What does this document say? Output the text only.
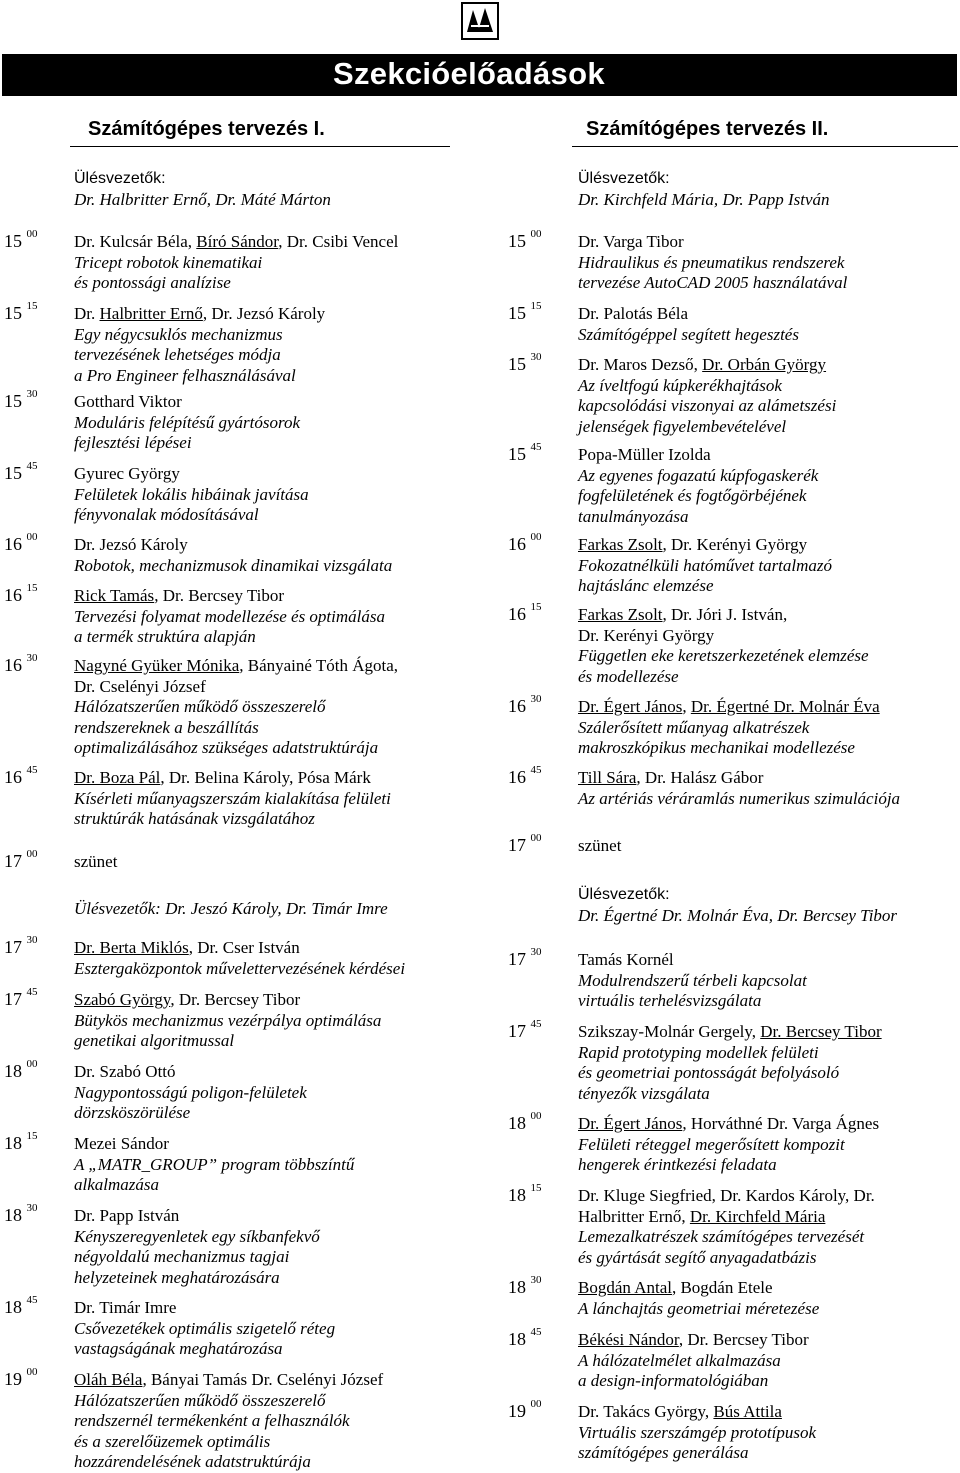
Szekcióelőadások
Számítógépes tervezés I.	Számítógépes tervezés II.
Ülésvezetők:
Dr. Halbritter Ernő, Dr. Máté Márton
Ülésvezetők:
Dr. Kirchfeld Mária, Dr. Papp István
Ülésvezetők: Dr. Jeszó Károly, Dr. Timár Imre
Ülésvezetők:
Dr. Égertné Dr. Molnár Éva, Dr. Bercsey Tibor
15 $^{00}$ Dr. Kulcsár Béla, Bíró Sándor, Dr. Csibi Vencel
Tricept robotok kinematikai
és pontossági analízise
15 $^{15}$ Dr. Halbritter Ernő, Dr. Jezsó Károly
Egy négycsuklós mechanizmus
tervezésének lehetséges módja
a Pro Engineer felhasználásával
15 $^{30}$ Gotthard Viktor
Moduláris felépítésű gyártósorok
fejlesztési lépései
15 $^{45}$ Gyurec György
Felületek lokális hibáinak javítása
fényvonalak módosításával
16 $^{00}$ Dr. Jezsó Károly
Robotok, mechanizmusok dinamikai vizsgálata
16 $^{15}$ Rick Tamás, Dr. Bercsey Tibor
Tervezési folyamat modellezése és optimálása
a termék struktúra alapján
16 $^{30}$ Nagyné Gyüker Mónika, Bányainé Tóth Ágota,
Dr. Cselényi József
Hálózatszerűen működő összeszerelő
rendszereknek a beszállítás
optimalizálásához szükséges adatstruktúrája
16 $^{45}$ Dr. Boza Pál, Dr. Belina Károly, Pósa Márk
Kísérleti műanyagszerszám kialakítása felületi
struktúrák hatásának vizsgálatához
17 $^{00}$ szünet
17 $^{30}$ Dr. Berta Miklós, Dr. Cser István
Esztergaközpontok művelettervezésének kérdései
17 $^{45}$ Szabó György, Dr. Bercsey Tibor
Bütykös mechanizmus vezérpálya optimálása
genetikai algoritmussal
18 $^{00}$ Dr. Szabó Ottó
Nagypontosságú poligon-felületek
dörzsköszörülése
18 $^{15}$ Mezei Sándor
A „MATR_GROUP” program többszíntű
alkalmazása
18 $^{30}$ Dr. Papp István
Kényszeregyenletek egy síkbanfekvő
négyoldalú mechanizmus tagjai
helyzeteinek meghatározására
18 $^{45}$ Dr. Timár Imre
Csővezetékek optimális szigetelő réteg
vastagságának meghatározása
19 $^{00}$ Oláh Béla, Bányai Tamás Dr. Cselényi József
Hálózatszerűen működő összeszerelő
rendszernél termékenként a felhasználók
és a szerelőüzemek optimális
hozzárendelésének adatstruktúrája
15 $^{00}$ Dr. Varga Tibor
Hidraulikus és pneumatikus rendszerek
tervezése AutoCAD 2005 használatával
15 $^{15}$ Dr. Palotás Béla
Számítógéppel segített hegesztés
15 $^{30}$ Dr. Maros Dezső, Dr. Orbán György
Az íveltfogú kúpkerékhajtások
kapcsolódási viszonyai az alámetszési
jelenségek figyelembevételével
15 $^{45}$ Popa-Müller Izolda
Az egyenes fogazatú kúpfogaskerék
fogfelületének és fogtőgörbéjének
tanulmányozása
16 $^{00}$ Farkas Zsolt, Dr. Kerényi György
Fokozatnélküli hatóművet tartalmazó
hajtáslánc elemzése
16 $^{15}$ Farkas Zsolt, Dr. Jóri J. István,
Dr. Kerényi György
Független eke keretszerkezetének elemzése
és modellezése
16 $^{30}$ Dr. Égert János, Dr. Égertné Dr. Molnár Éva
Szálerősített műanyag alkatrészek
makroszkópikus mechanikai modellezése
16 $^{45}$ Till Sára, Dr. Halász Gábor
Az artériás véráramlás numerikus szimulációja
17 $^{00}$ szünet
17 $^{30}$ Tamás Kornél
Modulrendszerű térbeli kapcsolat
virtuális terhelésvizsgálata
17 $^{45}$ Szikszay-Molnár Gergely, Dr. Bercsey Tibor
Rapid prototyping modellek felületi
és geometriai pontosságát befolyásoló
tényezők vizsgálata
18 $^{00}$ Dr. Égert János, Horváthné Dr. Varga Ágnes
Felületi réteggel megerősített kompozit
hengerek érintkezési feladata
18 $^{15}$ Dr. Kluge Siegfried, Dr. Kardos Károly, Dr.
Halbritter Ernő, Dr. Kirchfeld Mária
Lemezalkatrészek számítógépes tervezését
és gyártását segítő anyagadatbázis
18 $^{30}$ Bogdán Antal, Bogdán Etele
A lánchajtás geometriai méretezése
18 $^{45}$ Békési Nándor, Dr. Bercsey Tibor
A hálózatelmélet alkalmazása
a design-informatológiában
19 $^{00}$ Dr. Takács György, Bús Attila
Virtuális szerszámgép prototípusok
számítógépes generálása
